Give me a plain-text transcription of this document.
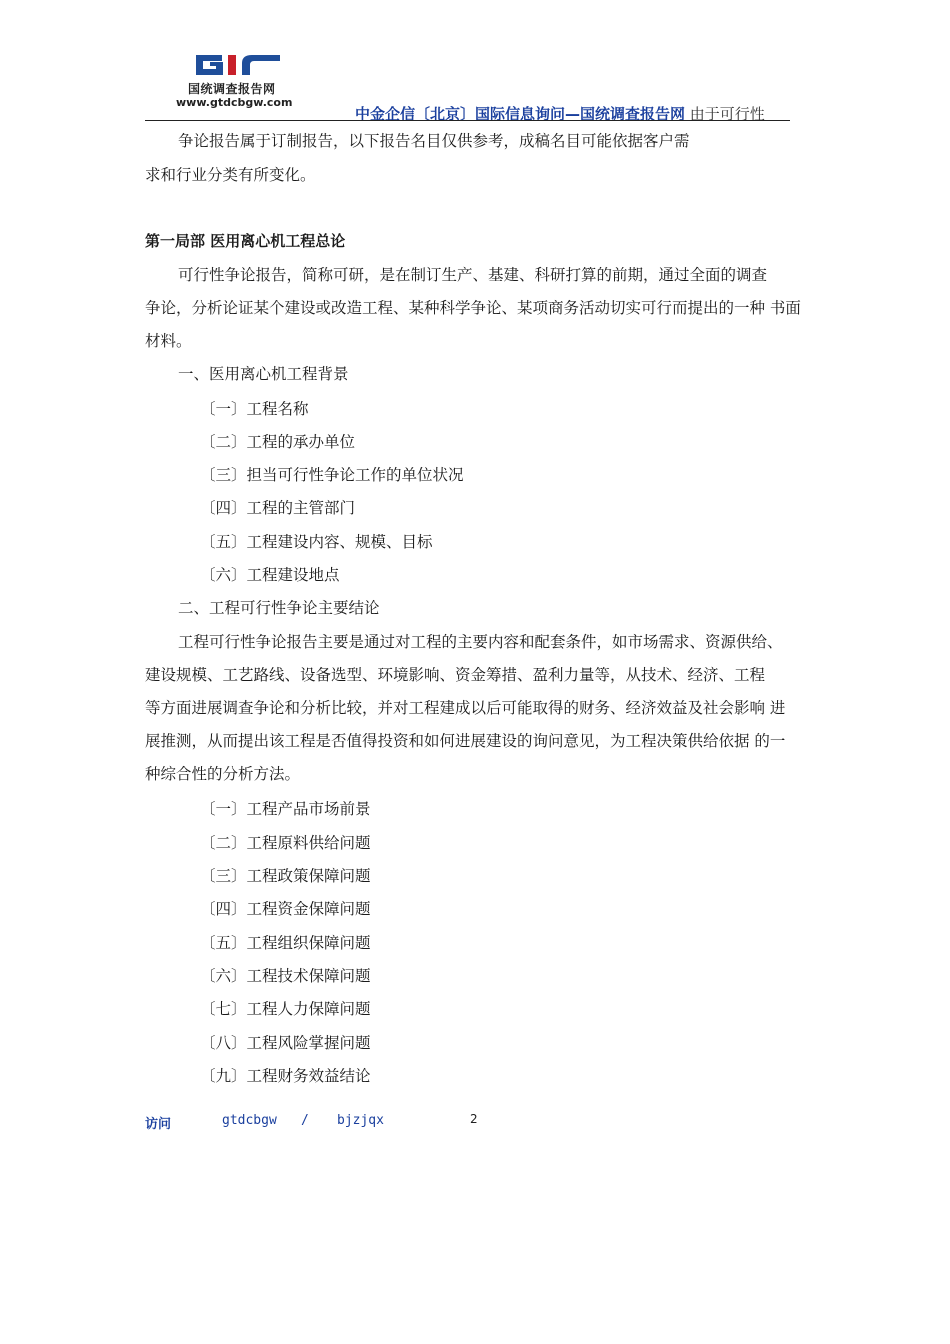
国统调查报告网
www.gtdcbgw.com
中金企信〔北京〕国际信息询问—国统调查报告网 由于可行性
争论报告属于订制报告，以下报告名目仅供参考，成稿名目可能依据客户需
求和行业分类有所变化。
第一局部 医用离心机工程总论
可行性争论报告，简称可研，是在制订生产、基建、科研打算的前期，通过全面的调查
争论，分析论证某个建设或改造工程、某种科学争论、某项商务活动切实可行而提出的一种 书面
材料。
一、医用离心机工程背景
〔一〕工程名称
〔二〕工程的承办单位
〔三〕担当可行性争论工作的单位状况
〔四〕工程的主管部门
〔五〕工程建设内容、规模、目标
〔六〕工程建设地点
二、工程可行性争论主要结论
工程可行性争论报告主要是通过对工程的主要内容和配套条件，如市场需求、资源供给、
建设规模、工艺路线、设备选型、环境影响、资金筹措、盈利力量等，从技术、经济、工程
等方面进展调查争论和分析比较，并对工程建成以后可能取得的财务、经济效益及社会影响 进
展推测，从而提出该工程是否值得投资和如何进展建设的询问意见，为工程决策供给依据 的一
种综合性的分析方法。
〔一〕工程产品市场前景
〔二〕工程原料供给问题
〔三〕工程政策保障问题
〔四〕工程资金保障问题
〔五〕工程组织保障问题
〔六〕工程技术保障问题
〔七〕工程人力保障问题
〔八〕工程风险掌握问题
〔九〕工程财务效益结论
访问	gtdcbgw / bjzjqx	2
